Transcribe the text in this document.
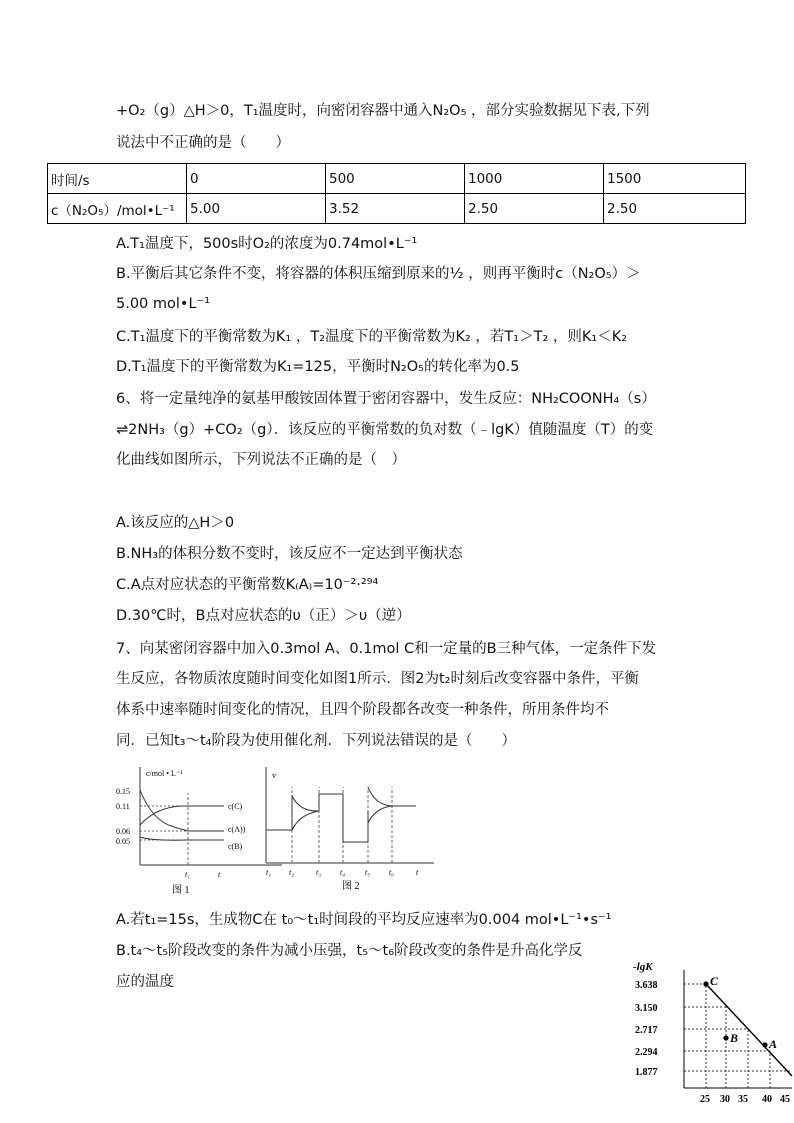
+O₂（g）△H＞0，T₁温度时，向密闭容器中通入N₂O₅ ，部分实验数据见下表,下列
说法中不正确的是（　　）
时间/s	0	500	1000	1500
c（N₂O₅）/mol•L⁻¹	5.00	3.52	2.50	2.50
A.T₁温度下，500s时O₂的浓度为0.74mol•L⁻¹
B.平衡后其它条件不变，将容器的体积压缩到原来的½ ，则再平衡时c（N₂O₅）＞
5.00 mol•L⁻¹
C.T₁温度下的平衡常数为K₁ ，T₂温度下的平衡常数为K₂ ，若T₁＞T₂ ，则K₁＜K₂
D.T₁温度下的平衡常数为K₁=125，平衡时N₂O₅的转化率为0.5
6、将一定量纯净的氨基甲酸铵固体置于密闭容器中，发生反应：NH₂COONH₄（s）
⇌2NH₃（g）+CO₂（g）．该反应的平衡常数的负对数（﹣lgK）值随温度（T）的变
化曲线如图所示，下列说法不正确的是（　）
A.该反应的△H＞0
B.NH₃的体积分数不变时，该反应不一定达到平衡状态
C.A点对应状态的平衡常数K₍A₎=10⁻²·²⁹⁴
D.30℃时，B点对应状态的υ（正）＞υ（逆）
7、向某密闭容器中加入0.3mol A、0.1mol C和一定量的B三种气体，一定条件下发
生反应，各物质浓度随时间变化如图1所示．图2为t₂时刻后改变容器中条件，平衡
体系中速率随时间变化的情况，且四个阶段都各改变一种条件，所用条件均不
同．已知t₃～t₄阶段为使用催化剂．下列说法错误的是（　　）
c/mol • L⁻¹
0.15
0.11
0.06
0.05
c(C)
c(A))
c(B)
t₁	t
图 1
v
t₁ t₂	t₃ t₄ t₅ t₆	t
图 2
A.若t₁=15s，生成物C在 t₀～t₁时间段的平均反应速率为0.004 mol•L⁻¹•s⁻¹
B.t₄～t₅阶段改变的条件为减小压强，t₅～t₆阶段改变的条件是升高化学反
应的温度
-lgK
3.638
3.150
2.717
2.294
1.877
C
B	A
25 30 35 40 45
